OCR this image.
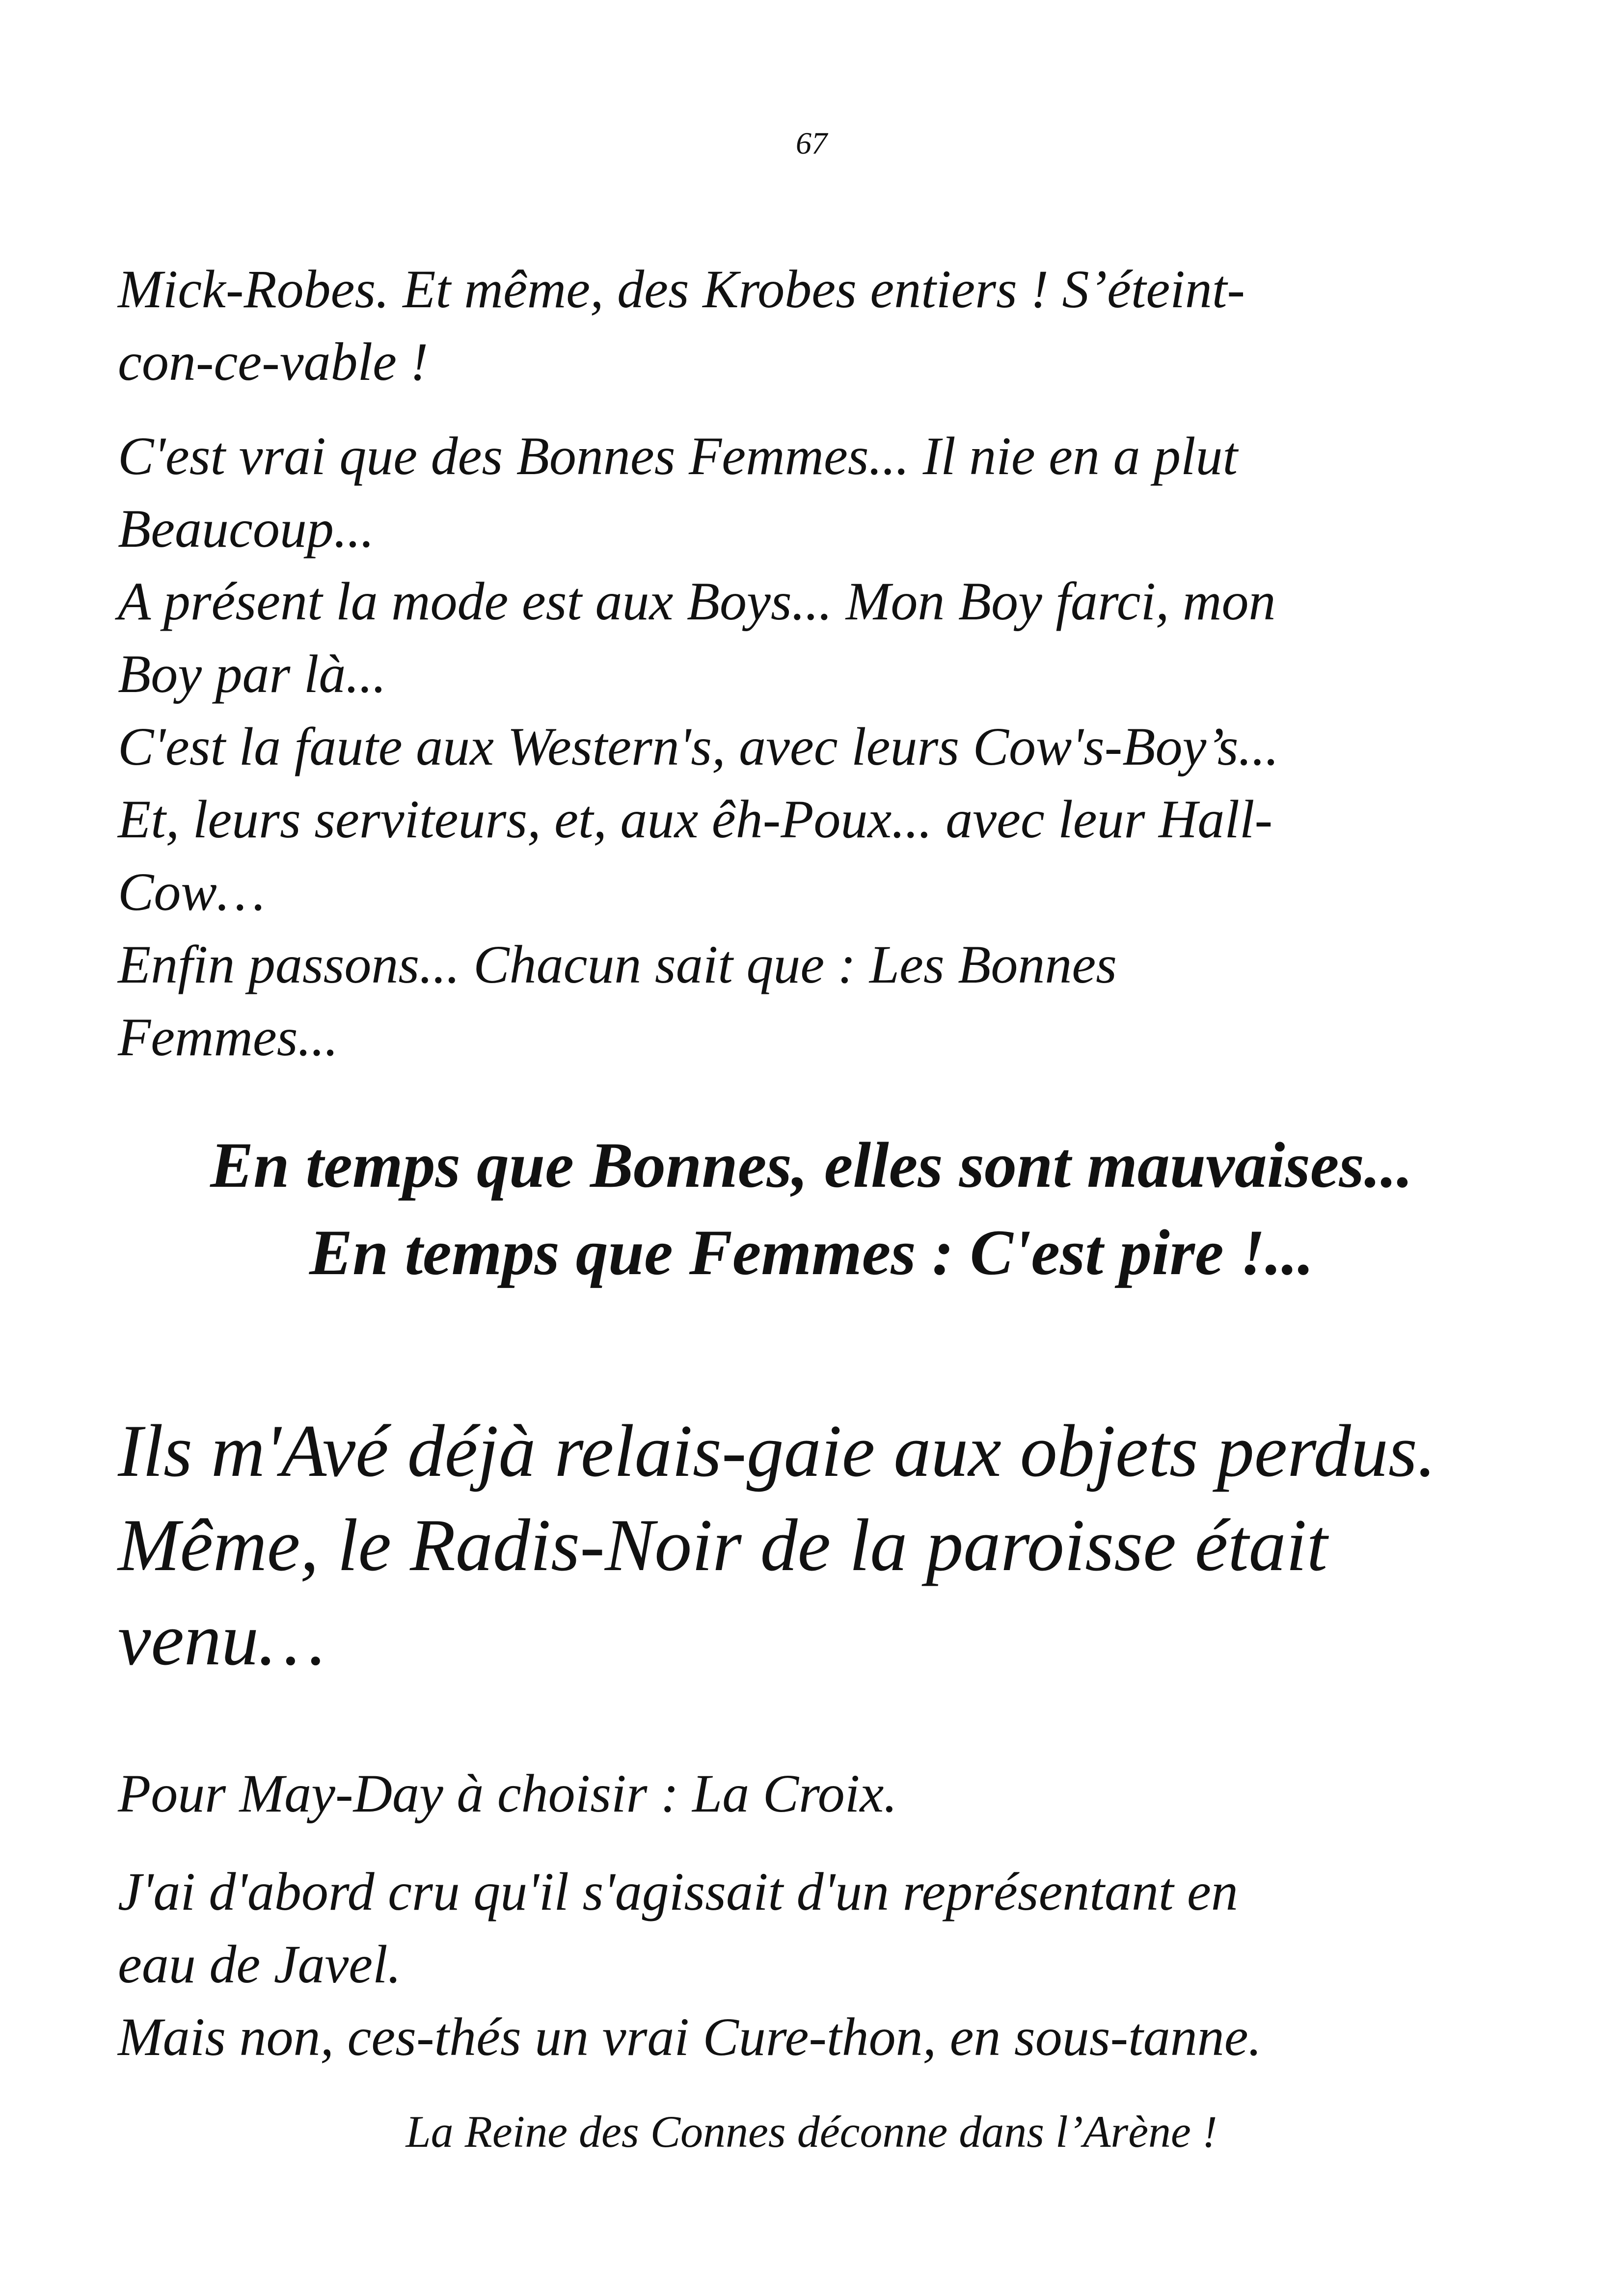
67
Mick-Robes. Et même, des Krobes entiers ! S’éteint-
con-ce-vable !
C'est vrai que des Bonnes Femmes... Il nie en a plut
Beaucoup...
A présent la mode est aux Boys... Mon Boy farci, mon
Boy par là...
C'est la faute aux Western's, avec leurs Cow's-Boy’s...
Et, leurs serviteurs, et, aux êh-Poux... avec leur Hall-
Cow…
Enfin passons... Chacun sait que : Les Bonnes
Femmes...
En temps que Bonnes, elles sont mauvaises...
En temps que Femmes : C'est pire !...
Ils m'Avé déjà relais-gaie aux objets perdus.
Même, le Radis-Noir de la paroisse était
venu…
Pour May-Day à choisir : La Croix.
J'ai d'abord cru qu'il s'agissait d'un représentant en
eau de Javel.
Mais non, ces-thés un vrai Cure-thon, en sous-tanne.
La Reine des Connes déconne dans l’Arène !
